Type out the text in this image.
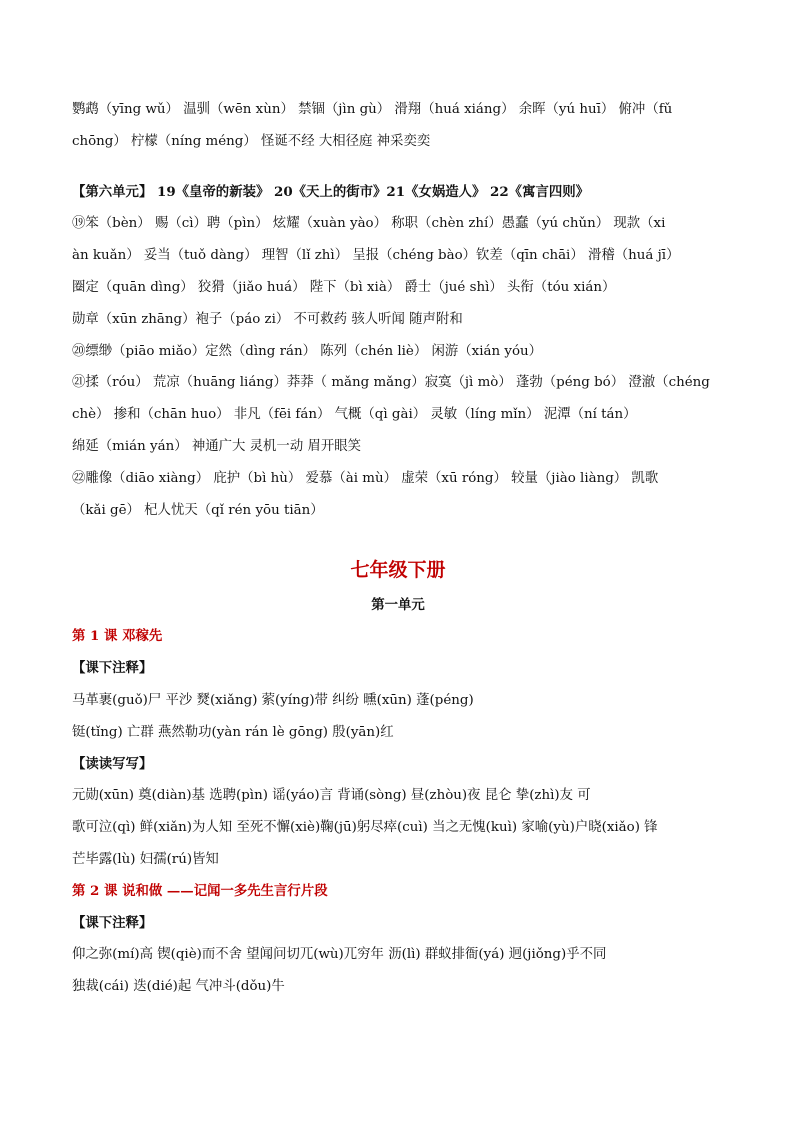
鹦鹉（yīng wǔ） 温驯（wēn xùn） 禁锢（jìn gù） 滑翔（huá xiáng） 余晖（yú huī） 俯冲（fǔ
chōng） 柠檬（níng méng） 怪诞不经 大相径庭 神采奕奕
【第六单元】 19《皇帝的新装》 20《天上的街市》21《女娲造人》 22《寓言四则》
⑲笨（bèn） 赐（cì）聘（pìn） 炫耀（xuàn yào） 称职（chèn zhí）愚蠢（yú chǔn） 现款（xi
àn kuǎn） 妥当（tuǒ dàng） 理智（lǐ zhì） 呈报（chéng bào）钦差（qīn chāi） 滑稽（huá jī）
圈定（quān dìng） 狡猾（jiǎo huá） 陛下（bì xià） 爵士（jué shì） 头衔（tóu xián）
勋章（xūn zhāng）袍子（páo zi） 不可救药 骇人听闻 随声附和
⑳缥缈（piāo miǎo）定然（dìng rán） 陈列（chén liè） 闲游（xián yóu）
㉑揉（róu） 荒凉（huāng liáng）莽莽（ mǎng mǎng）寂寞（jì mò） 蓬勃（péng bó） 澄澈（chéng
chè） 掺和（chān huo） 非凡（fēi fán） 气概（qì gài） 灵敏（líng mǐn） 泥潭（ní tán）
绵延（mián yán） 神通广大 灵机一动 眉开眼笑
㉒雕像（diāo xiàng） 庇护（bì hù） 爱慕（ài mù） 虚荣（xū róng） 较量（jiào liàng） 凯歌
（kǎi gē） 杞人忧天（qǐ rén yōu tiān）
七年级下册
第一单元
第 1 课 邓稼先
【课下注释】
马革裹(guǒ)尸 平沙 燹(xiǎng) 萦(yíng)带 纠纷 曛(xūn) 蓬(péng)
铤(tǐng) 亡群 燕然勒功(yàn rán lè gōng) 殷(yān)红
【读读写写】
元勋(xūn) 奠(diàn)基 选聘(pìn) 谣(yáo)言 背诵(sòng) 昼(zhòu)夜 昆仑 挚(zhì)友 可
歌可泣(qì) 鲜(xiǎn)为人知 至死不懈(xiè)鞠(jū)躬尽瘁(cuì) 当之无愧(kuì) 家喻(yù)户晓(xiǎo) 锋
芒毕露(lù) 妇孺(rú)皆知
第 2 课 说和做 ——记闻一多先生言行片段
【课下注释】
仰之弥(mí)高 锲(qiè)而不舍 望闻问切兀(wù)兀穷年 沥(lì) 群蚁排衙(yá) 迥(jiǒng)乎不同
独裁(cái) 迭(dié)起 气冲斗(dǒu)牛
